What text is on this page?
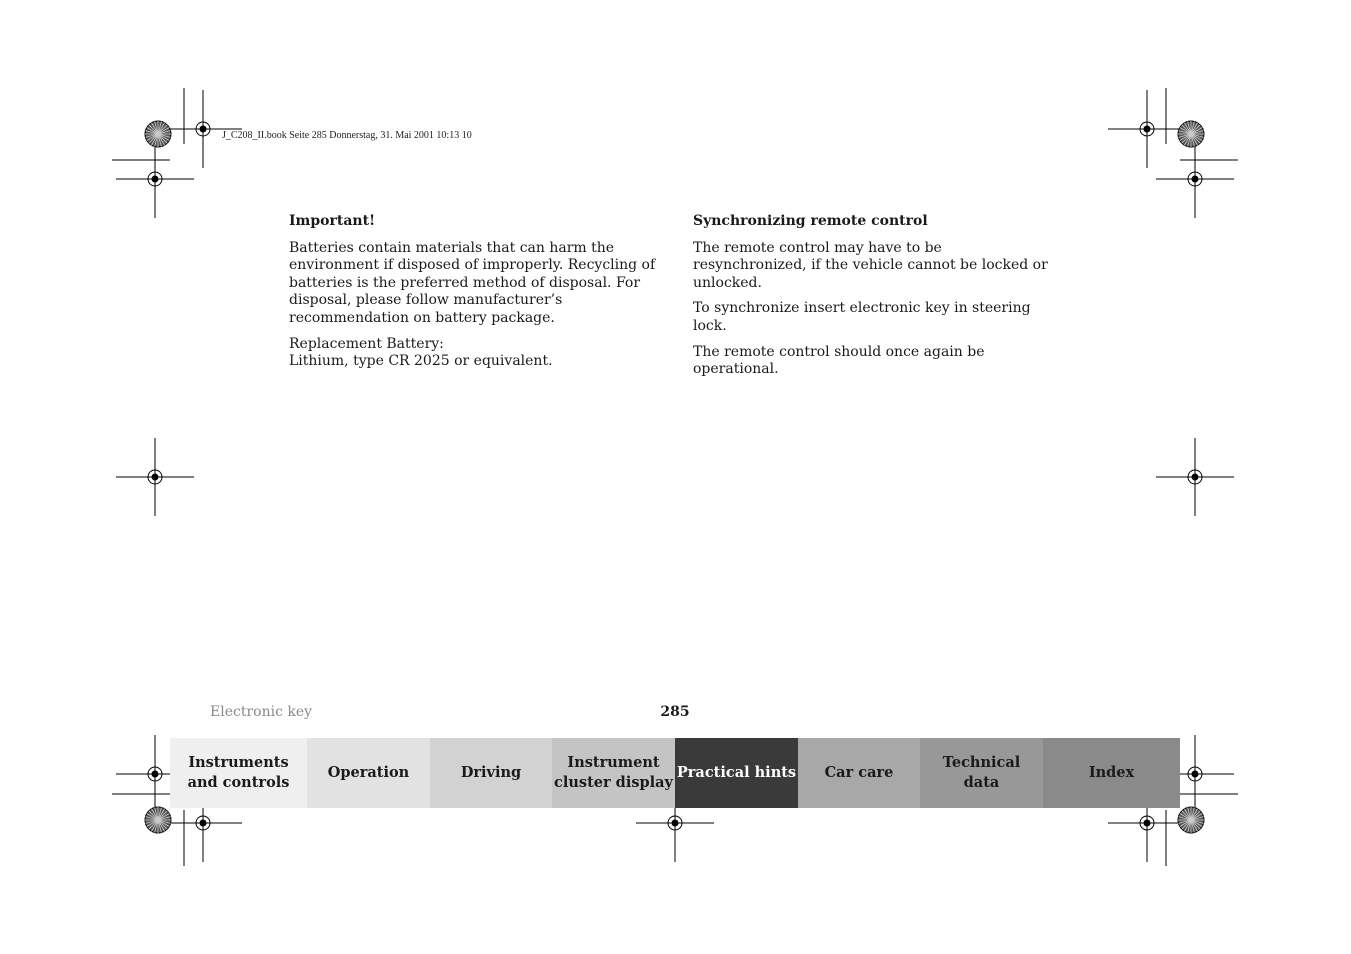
J_C208_II.book Seite 285 Donnerstag, 31. Mai 2001 10:13 10
Important!

Batteries contain materials that can harm the environment if disposed of improperly. Recycling of batteries is the preferred method of disposal. For disposal, please follow manufacturer’s recommendation on battery package.

Replacement Battery:
Lithium, type CR 2025 or equivalent.

Synchronizing remote control

The remote control may have to be resynchronized, if the vehicle cannot be locked or unlocked.

To synchronize insert electronic key in steering lock.

The remote control should once again be operational.

Electronic key	285
Instruments
and controls
Operation	Driving
Instrument
cluster display
Practical hints	Car care
Technical
data
Index
